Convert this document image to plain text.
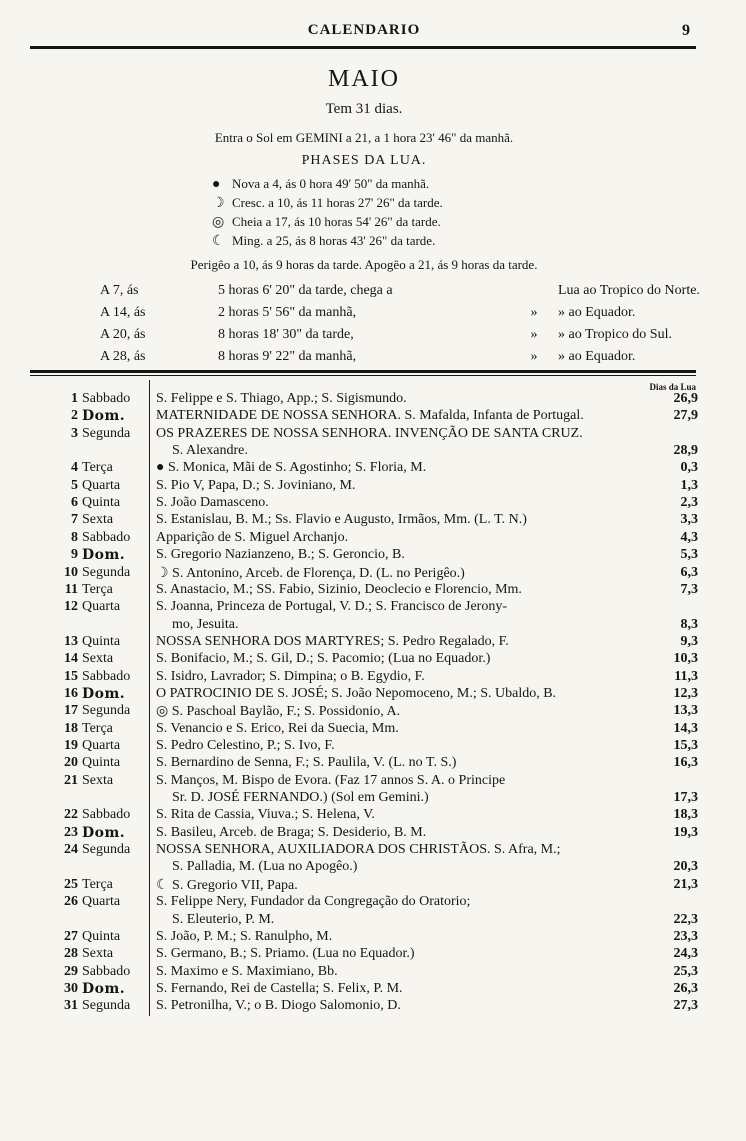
CALENDARIO	9
MAIO
Tem 31 dias.
Entra o Sol em GEMINI a 21, a 1 hora 23' 46" da manhã.
PHASES DA LUA.
● Nova a 4, ás 0 hora 49' 50" da manhã.
☽ Cresc. a 10, ás 11 horas 27' 26" da tarde.
◎ Cheia a 17, ás 10 horas 54' 26" da tarde.
☾ Ming. a 25, ás 8 horas 43' 26" da tarde.
Perigêo a 10, ás 9 horas da tarde. Apogêo a 21, ás 9 horas da tarde.
A 7, ás	5 horas 6' 20" da tarde, chega a	Lua ao Tropico do Norte.
A 14, ás	2 horas 5' 56" da manhã,	» » ao Equador.
A 20, ás	8 horas 18' 30" da tarde,	» » ao Tropico do Sul.
A 28, ás	8 horas 9' 22" da manhã,	» » ao Equador.
Dias da Lua
1 Sabbado	S. Felippe e S. Thiago, App.; S. Sigismundo.	26,9
2 Dom.	MATERNIDADE DE NOSSA SENHORA. S. Mafalda, Infanta de Portugal.	27,9
3 Segunda	OS PRAZERES DE NOSSA SENHORA. INVENÇÃO DE SANTA CRUZ.
S. Alexandre.	28,9
4 Terça	● S. Monica, Mãi de S. Agostinho; S. Floria, M.	0,3
5 Quarta	S. Pio V, Papa, D.; S. Joviniano, M.	1,3
6 Quinta	S. João Damasceno.	2,3
7 Sexta	S. Estanislau, B. M.; Ss. Flavio e Augusto, Irmãos, Mm. (L. T. N.)	3,3
8 Sabbado	Apparição de S. Miguel Archanjo.	4,3
9 Dom.	S. Gregorio Nazianzeno, B.; S. Geroncio, B.	5,3
10 Segunda	☽ S. Antonino, Arceb. de Florença, D. (L. no Perigêo.)	6,3
11 Terça	S. Anastacio, M.; SS. Fabio, Sizinio, Deoclecio e Florencio, Mm.	7,3
12 Quarta	S. Joanna, Princeza de Portugal, V. D.; S. Francisco de Jerony-
mo, Jesuita.	8,3
13 Quinta	NOSSA SENHORA DOS MARTYRES; S. Pedro Regalado, F.	9,3
14 Sexta	S. Bonifacio, M.; S. Gil, D.; S. Pacomio; (Lua no Equador.)	10,3
15 Sabbado	S. Isidro, Lavrador; S. Dimpina; o B. Egydio, F.	11,3
16 Dom.	O PATROCINIO DE S. JOSÉ; S. João Nepomoceno, M.; S. Ubaldo, B.	12,3
17 Segunda	◎ S. Paschoal Baylão, F.; S. Possidonio, A.	13,3
18 Terça	S. Venancio e S. Erico, Rei da Suecia, Mm.	14,3
19 Quarta	S. Pedro Celestino, P.; S. Ivo, F.	15,3
20 Quinta	S. Bernardino de Senna, F.; S. Paulila, V. (L. no T. S.)	16,3
21 Sexta	S. Manços, M. Bispo de Evora. (Faz 17 annos S. A. o Principe
Sr. D. JOSÉ FERNANDO.) (Sol em Gemini.)	17,3
22 Sabbado	S. Rita de Cassia, Viuva.; S. Helena, V.	18,3
23 Dom.	S. Basileu, Arceb. de Braga; S. Desiderio, B. M.	19,3
24 Segunda	NOSSA SENHORA, AUXILIADORA DOS CHRISTÃOS. S. Afra, M.;
S. Palladia, M. (Lua no Apogêo.)	20,3
25 Terça	☾ S. Gregorio VII, Papa.	21,3
26 Quarta	S. Felippe Nery, Fundador da Congregação do Oratorio;
S. Eleuterio, P. M.	22,3
27 Quinta	S. João, P. M.; S. Ranulpho, M.	23,3
28 Sexta	S. Germano, B.; S. Priamo. (Lua no Equador.)	24,3
29 Sabbado	S. Maximo e S. Maximiano, Bb.	25,3
30 Dom.	S. Fernando, Rei de Castella; S. Felix, P. M.	26,3
31 Segunda	S. Petronilha, V.; o B. Diogo Salomonio, D.	27,3
